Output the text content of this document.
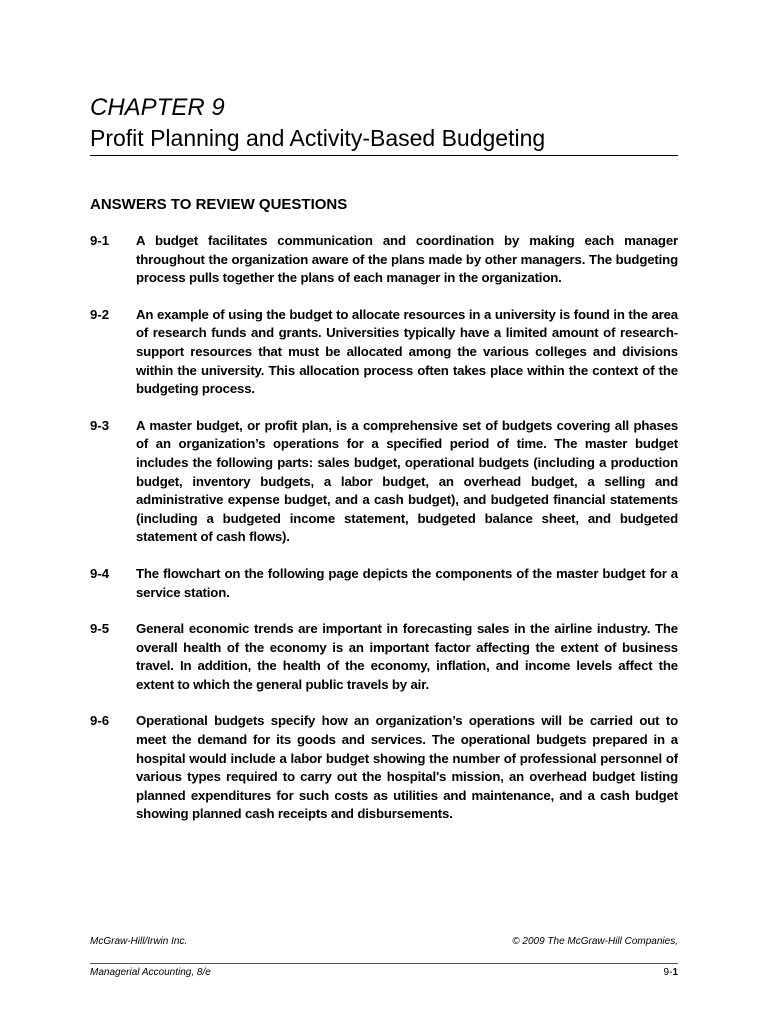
CHAPTER 9
Profit Planning and Activity-Based Budgeting
ANSWERS TO REVIEW QUESTIONS
9-1	A budget facilitates communication and coordination by making each manager throughout the organization aware of the plans made by other managers. The budgeting process pulls together the plans of each manager in the organization.
9-2	An example of using the budget to allocate resources in a university is found in the area of research funds and grants. Universities typically have a limited amount of research-support resources that must be allocated among the various colleges and divisions within the university. This allocation process often takes place within the context of the budgeting process.
9-3	A master budget, or profit plan, is a comprehensive set of budgets covering all phases of an organization’s operations for a specified period of time. The master budget includes the following parts: sales budget, operational budgets (including a production budget, inventory budgets, a labor budget, an overhead budget, a selling and administrative expense budget, and a cash budget), and budgeted financial statements (including a budgeted income statement, budgeted balance sheet, and budgeted statement of cash flows).
9-4	The flowchart on the following page depicts the components of the master budget for a service station.
9-5	General economic trends are important in forecasting sales in the airline industry. The overall health of the economy is an important factor affecting the extent of business travel. In addition, the health of the economy, inflation, and income levels affect the extent to which the general public travels by air.
9-6	Operational budgets specify how an organization’s operations will be carried out to meet the demand for its goods and services. The operational budgets prepared in a hospital would include a labor budget showing the number of professional personnel of various types required to carry out the hospital's mission, an overhead budget listing planned expenditures for such costs as utilities and maintenance, and a cash budget showing planned cash receipts and disbursements.
McGraw-Hill/Irwin Inc.	© 2009 The McGraw-Hill Companies,
Managerial Accounting, 8/e	9-1
